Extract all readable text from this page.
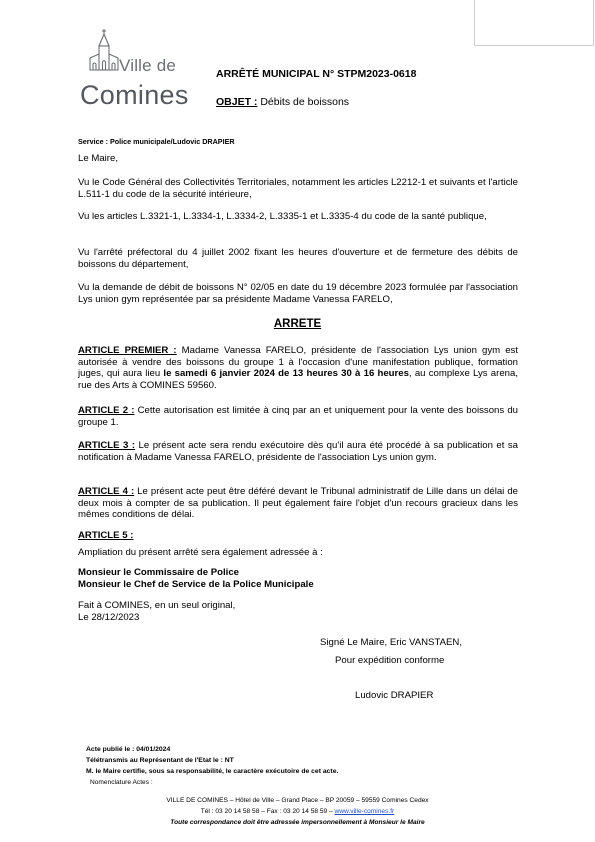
Ville de
Comines
ARRÊTÉ MUNICIPAL N° STPM2023-0618
OBJET : Débits de boissons
Service : Police municipale/Ludovic DRAPIER
Le Maire,
Vu le Code Général des Collectivités Territoriales, notamment les articles L2212-1 et suivants et l'article L.511-1 du code de la sécurité intérieure,
Vu les articles L.3321-1, L.3334-1, L.3334-2, L.3335-1 et L.3335-4 du code de la santé publique,
Vu l'arrêté préfectoral du 4 juillet 2002 fixant les heures d'ouverture et de fermeture des débits de boissons du département,
Vu la demande de débit de boissons N° 02/05 en date du 19 décembre 2023 formulée par l'association Lys union gym représentée par sa présidente Madame Vanessa FARELO,
ARRETE
ARTICLE PREMIER : Madame Vanessa FARELO, présidente de l'association Lys union gym est autorisée à vendre des boissons du groupe 1 à l'occasion d'une manifestation publique, formation juges, qui aura lieu le samedi 6 janvier 2024 de 13 heures 30 à 16 heures, au complexe Lys arena, rue des Arts à COMINES 59560.
ARTICLE 2 : Cette autorisation est limitée à cinq par an et uniquement pour la vente des boissons du groupe 1.
ARTICLE 3 : Le présent acte sera rendu exécutoire dès qu'il aura été procédé à sa publication et sa notification à Madame Vanessa FARELO, présidente de l'association Lys union gym.
ARTICLE 4 : Le présent acte peut être déféré devant le Tribunal administratif de Lille dans un délai de deux mois à compter de sa publication. Il peut également faire l'objet d'un recours gracieux dans les mêmes conditions de délai.
ARTICLE 5 :
Ampliation du présent arrêté sera également adressée à :
Monsieur le Commissaire de Police
Monsieur le Chef de Service de la Police Municipale
Fait à COMINES, en un seul original,
Le 28/12/2023
Signé Le Maire, Eric VANSTAEN,
Pour expédition conforme
Ludovic DRAPIER
Acte publié le : 04/01/2024
Télétransmis au Représentant de l'Etat le : NT
M. le Maire certifie, sous sa responsabilité, le caractère exécutoire de cet acte.
Nomenclature Actes :
VILLE DE COMINES – Hôtel de Ville – Grand Place – BP 20059 – 59559 Comines Cedex
Tél : 03 20 14 58 58 – Fax : 03 20 14 58 59 – www.ville-comines.fr
Toute correspondance doit être adressée impersonnellement à Monsieur le Maire
